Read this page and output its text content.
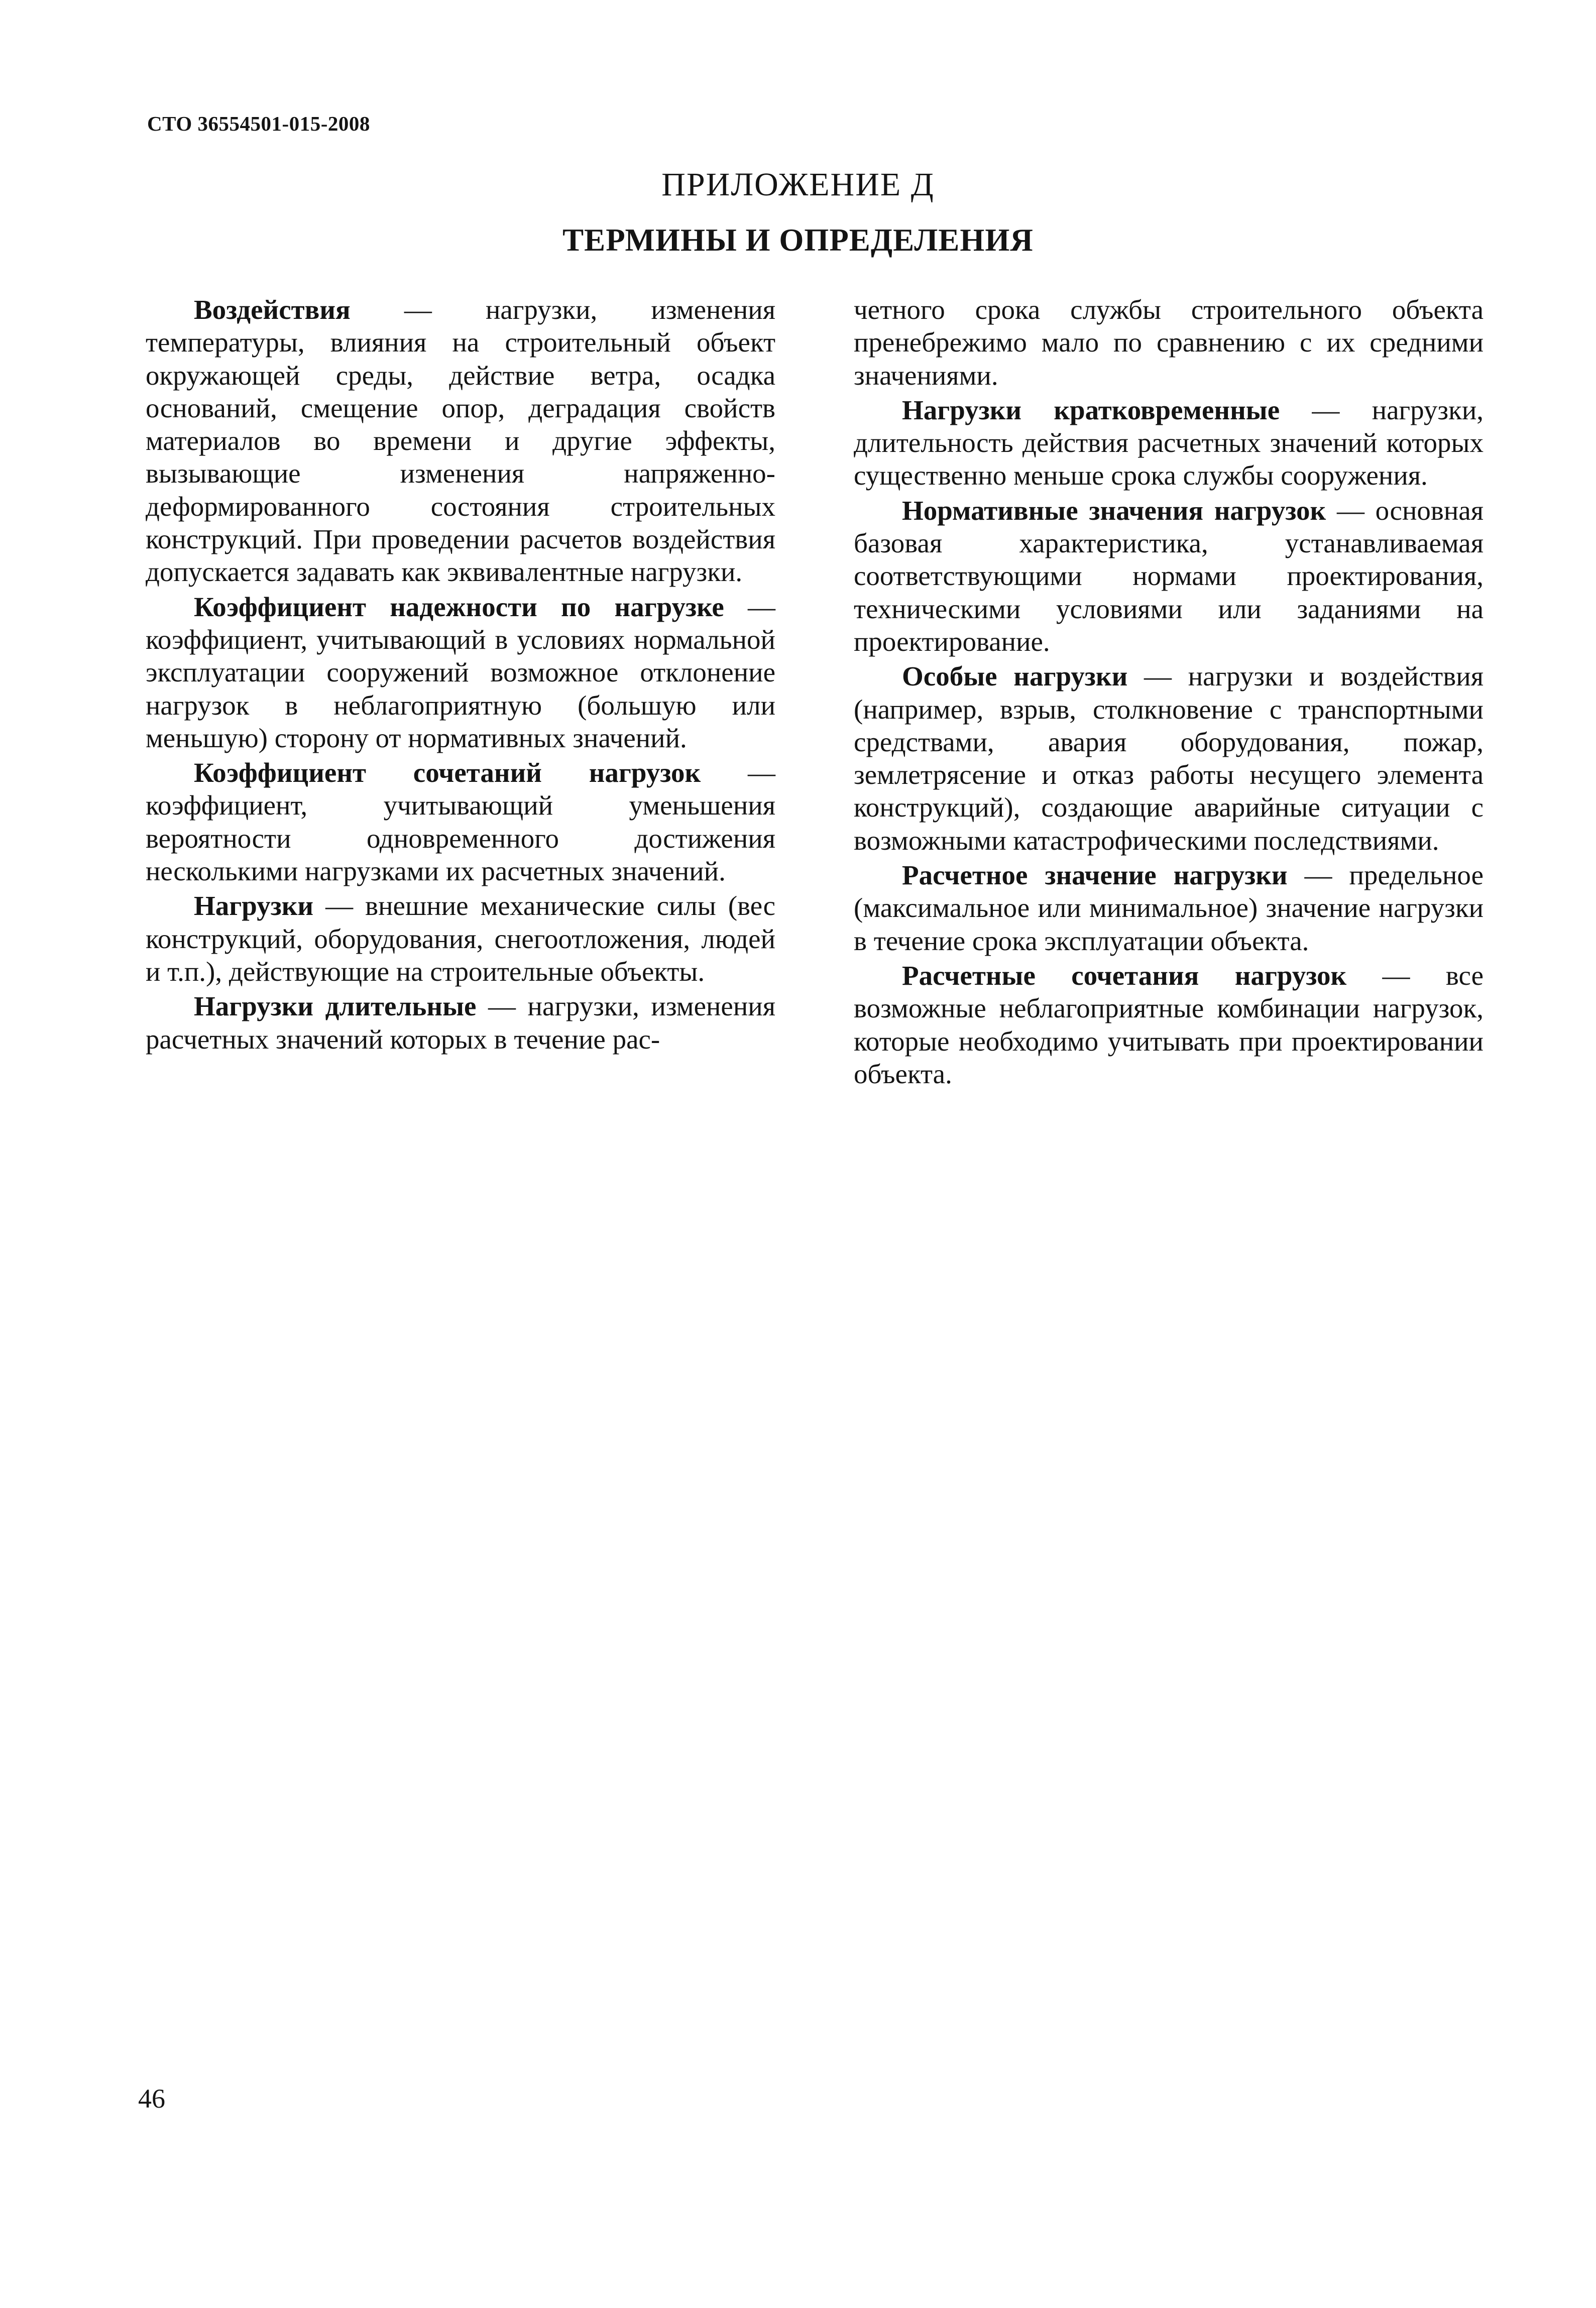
СТО 36554501-015-2008
ПРИЛОЖЕНИЕ Д
ТЕРМИНЫ И ОПРЕДЕЛЕНИЯ

Воздействия — нагрузки, изменения температуры, влияния на строительный объект окружающей среды, действие ветра, осадка оснований, смещение опор, деградация свойств материалов во времени и другие эффекты, вызывающие изменения напряженно-деформированного состояния строительных конструкций. При проведении расчетов воздействия допускается задавать как эквивалентные нагрузки.

Коэффициент надежности по нагрузке — коэффициент, учитывающий в условиях нормальной эксплуатации сооружений возможное отклонение нагрузок в неблагоприятную (большую или меньшую) сторону от нормативных значений.

Коэффициент сочетаний нагрузок — коэффициент, учитывающий уменьшения вероятности одновременного достижения несколькими нагрузками их расчетных значений.

Нагрузки — внешние механические силы (вес конструкций, оборудования, снегоотложения, людей и т.п.), действующие на строительные объекты.

Нагрузки длительные — нагрузки, изменения расчетных значений которых в течение рас-

четного срока службы строительного объекта пренебрежимо мало по сравнению с их средними значениями.

Нагрузки кратковременные — нагрузки, длительность действия расчетных значений которых существенно меньше срока службы сооружения.

Нормативные значения нагрузок — основная базовая характеристика, устанавливаемая соответствующими нормами проектирования, техническими условиями или заданиями на проектирование.

Особые нагрузки — нагрузки и воздействия (например, взрыв, столкновение с транспортными средствами, авария оборудования, пожар, землетрясение и отказ работы несущего элемента конструкций), создающие аварийные ситуации с возможными катастрофическими последствиями.

Расчетное значение нагрузки — предельное (максимальное или минимальное) значение нагрузки в течение срока эксплуатации объекта.

Расчетные сочетания нагрузок — все возможные неблагоприятные комбинации нагрузок, которые необходимо учитывать при проектировании объекта.

46
